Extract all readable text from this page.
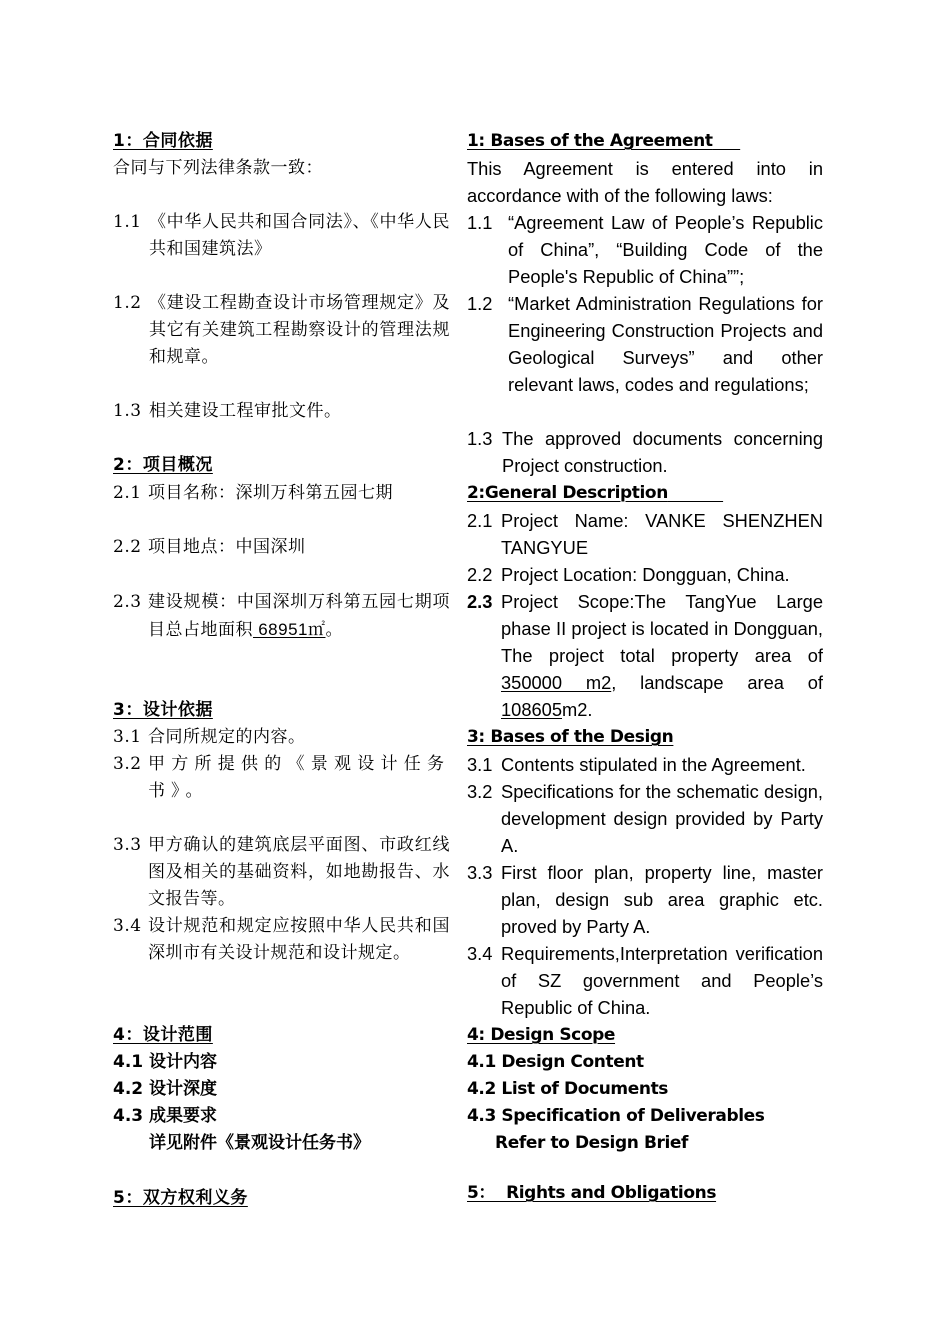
1：合同依据
合同与下列法律条款一致：
1.1 《中华人民共和国合同法》、《中华人民共和国建筑法》
1.2 《建设工程勘查设计市场管理规定》及其它有关建筑工程勘察设计的管理法规和规章。
1.3 相关建设工程审批文件。
2：项目概况
2.1 项目名称：深圳万科第五园七期
2.2 项目地点：中国深圳
2.3 建设规模：中国深圳万科第五园七期项目总占地面积 68951㎡。
3：设计依据
3.1 合同所规定的内容。
3.2 甲方所提供的《景观设计任务书》。
3.3 甲方确认的建筑底层平面图、市政红线图及相关的基础资料，如地勘报告、水文报告等。
3.4 设计规范和规定应按照中华人民共和国深圳市有关设计规范和设计规定。
4：设计范围
4.1 设计内容
4.2 设计深度
4.3 成果要求
详见附件《景观设计任务书》
5：双方权利义务
1: Bases of the Agreement
This Agreement is entered into in accordance with of the following laws:
1.1 “Agreement Law of People’s Republic of China”, “Building Code of the People's Republic of China””;
1.2 “Market Administration Regulations for Engineering Construction Projects and Geological Surveys” and other relevant laws, codes and regulations;
1.3 The approved documents concerning Project construction.
2:General Description
2.1 Project Name: VANKE SHENZHEN TANGYUE
2.2 Project Location: Dongguan, China.
2.3 Project Scope:The TangYue Large phase II project is located in Dongguan, The project total property area of 350000 m2, landscape area of 108605m2.
3: Bases of the Design
3.1 Contents stipulated in the Agreement.
3.2 Specifications for the schematic design, development design provided by Party A.
3.3 First floor plan, property line, master plan, design sub area graphic etc. proved by Party A.
3.4 Requirements,Interpretation verification of SZ government and People’s Republic of China.
4: Design Scope
4.1 Design Content
4.2 List of Documents
4.3 Specification of Deliverables
Refer to Design Brief
5：  Rights and Obligations
